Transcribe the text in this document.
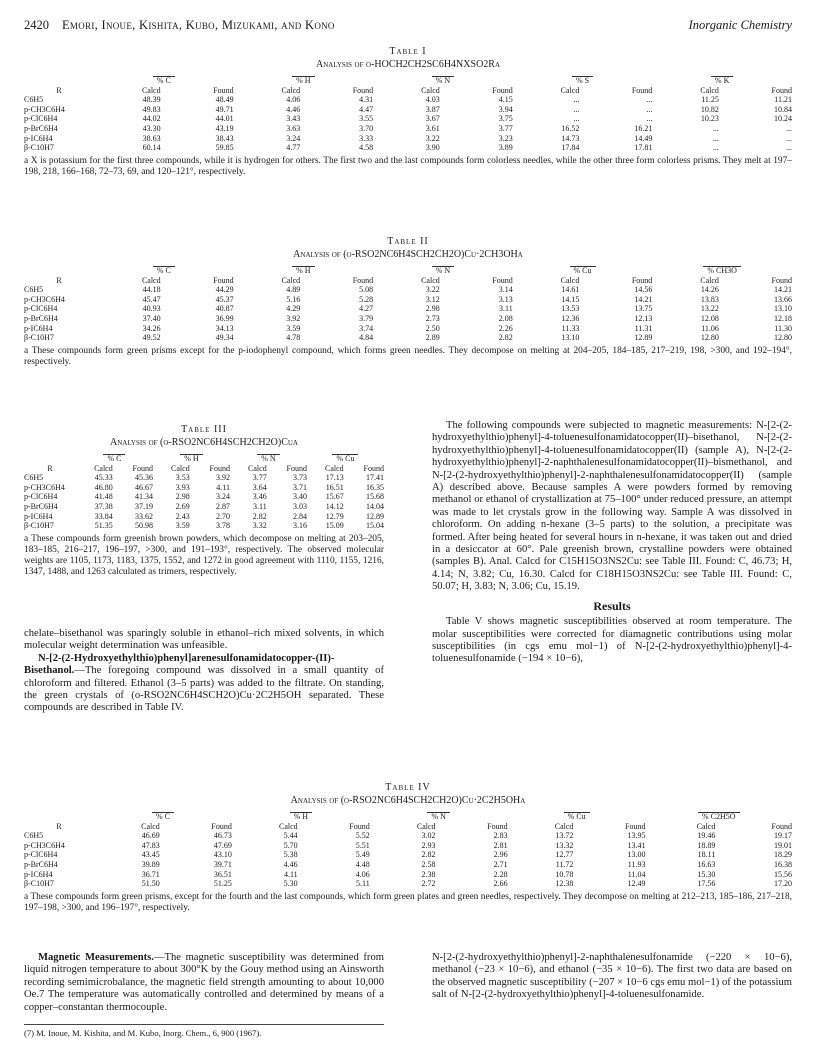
2420 Emori, Inoue, Kishita, Kubo, Mizukami, and Kono	Inorganic Chemistry
Table I
Analysis of o-HOCH2CH2SC6H4NXSO2Ra
	% C		% H		% N		% S		% K	
R	Calcd	Found	Calcd	Found	Calcd	Found	Calcd	Found	Calcd	Found
C6H5	48.39	48.49	4.06	4.31	4.03	4.15	...	...	11.25	11.21
p-CH3C6H4	49.83	49.71	4.46	4.47	3.87	3.94	...	...	10.82	10.84
p-ClC6H4	44.02	44.01	3.43	3.55	3.67	3.75	...	...	10.23	10.24
p-BrC6H4	43.30	43.19	3.63	3.70	3.61	3.77	16.52	16.21	...	...
p-IC6H4	38.63	38.43	3.24	3.33	3.22	3.23	14.73	14.49	...	...
β-C10H7	60.14	59.85	4.77	4.58	3.90	3.89	17.84	17.81	...	...
a X is potassium for the first three compounds, while it is hydrogen for others. The first two and the last compounds form colorless needles, while the other three form colorless prisms. They melt at 197–198, 218, 166–168, 72–73, 69, and 120–121°, respectively.
Table II
Analysis of (o-RSO2NC6H4SCH2CH2O)Cu·2CH3OHa
	% C		% H		% N		% Cu		% CH3O	
R	Calcd	Found	Calcd	Found	Calcd	Found	Calcd	Found	Calcd	Found
C6H5	44.18	44.29	4.89	5.08	3.22	3.14	14.61	14.56	14.26	14.21
p-CH3C6H4	45.47	45.37	5.16	5.28	3.12	3.13	14.15	14.21	13.83	13.66
p-ClC6H4	40.93	40.87	4.29	4.27	2.98	3.11	13.53	13.75	13.22	13.10
p-BrC6H4	37.40	36.99	3.92	3.79	2.73	2.08	12.36	12.13	12.08	12.18
p-IC6H4	34.26	34.13	3.59	3.74	2.50	2.26	11.33	11.31	11.06	11.30
β-C10H7	49.52	49.34	4.78	4.84	2.89	2.82	13.10	12.89	12.80	12.80
a These compounds form green prisms except for the p-iodophenyl compound, which forms green needles. They decompose on melting at 204–205, 184–185, 217–219, 198, >300, and 192–194°, respectively.
Table III
Analysis of (o-RSO2NC6H4SCH2CH2O)Cua
	% C		% H		% N		% Cu	
R	Calcd	Found	Calcd	Found	Calcd	Found	Calcd	Found
C6H5	45.33	45.36	3.53	3.92	3.77	3.73	17.13	17.41
p-CH3C6H4	46.80	46.67	3.93	4.11	3.64	3.71	16.51	16.35
p-ClC6H4	41.48	41.34	2.98	3.24	3.46	3.40	15.67	15.68
p-BrC6H4	37.38	37.19	2.69	2.87	3.11	3.03	14.12	14.04
p-IC6H4	33.84	33.62	2.43	2.70	2.82	2.84	12.79	12.89
β-C10H7	51.35	50.98	3.59	3.78	3.32	3.16	15.09	15.04
a These compounds form greenish brown powders, which decompose on melting at 203–205, 183–185, 216–217, 196–197, >300, and 191–193°, respectively. The observed molecular weights are 1105, 1173, 1183, 1375, 1552, and 1272 in good agreement with 1110, 1155, 1216, 1347, 1488, and 1263 calculated as trimers, respectively.

chelate–bisethanol was sparingly soluble in ethanol–rich mixed solvents, in which molecular weight determination was unfeasible.

N-[2-(2-Hydroxyethylthio)phenyl]arenesulfonamidatocopper-(II)-Bisethanol.—The foregoing compound was dissolved in a small quantity of chloroform and filtered. Ethanol (3–5 parts) was added to the filtrate. On standing, the green crystals of (o-RSO2NC6H4SCH2O)Cu·2C2H5OH separated. These compounds are described in Table IV.

The following compounds were subjected to magnetic measurements: N-[2-(2-hydroxyethylthio)phenyl]-4-toluenesulfonamidatocopper(II)–bisethanol, N-[2-(2-hydroxyethylthio)phenyl]-4-toluenesulfonamidatocopper(II) (sample A), N-[2-(2-hydroxyethylthio)phenyl]-2-naphthalenesulfonamidatocopper(II)–bismethanol, and N-[2-(2-hydroxyethylthio)phenyl]-2-naphthalenesulfonamidatocopper(II) (sample A) described above. Because samples A were powders formed by removing methanol or ethanol of crystallization at 75–100° under reduced pressure, an attempt was made to let crystals grow in the following way. Sample A was dissolved in chloroform. On adding n-hexane (3–5 parts) to the solution, a precipitate was formed. After being heated for several hours in n-hexane, it was taken out and dried in a desiccator at 60°. Pale greenish brown, crystalline powders were obtained (samples B). Anal. Calcd for C15H15O3NS2Cu: see Table III. Found: C, 46.73; H, 4.14; N, 3.82; Cu, 16.30. Calcd for C18H15O3NS2Cu: see Table III. Found: C, 50.07; H, 3.83; N, 3.06; Cu, 15.19.

Results

Table V shows magnetic susceptibilities observed at room temperature. The molar susceptibilities were corrected for diamagnetic contributions using molar susceptibilities (in cgs emu mol−1) of N-[2-(2-hydroxyethylthio)phenyl]-4-toluenesulfonamide (−194 × 10−6),

Table IV
Analysis of (o-RSO2NC6H4SCH2CH2O)Cu·2C2H5OHa
	% C		% H		% N		% Cu		% C2H5O	
R	Calcd	Found	Calcd	Found	Calcd	Found	Calcd	Found	Calcd	Found
C6H5	46.69	46.73	5.44	5.52	3.02	2.83	13.72	13.95	19.46	19.17
p-CH3C6H4	47.83	47.69	5.70	5.51	2.93	2.81	13.32	13.41	18.89	19.01
p-ClC6H4	43.45	43.10	5.38	5.49	2.82	2.96	12.77	13.00	18.11	18.29
p-BrC6H4	39.89	39.71	4.46	4.48	2.58	2.71	11.72	11.93	16.63	16.38
p-IC6H4	36.71	36.51	4.11	4.06	2.38	2.28	10.78	11.04	15.30	15.56
β-C10H7	51.50	51.25	5.30	5.11	2.72	2.66	12.38	12.49	17.56	17.20
a These compounds form green prisms, except for the fourth and the last compounds, which form green plates and green needles, respectively. They decompose on melting at 212–213, 185–186, 217–218, 197–198, >300, and 196–197°, respectively.

Magnetic Measurements.—The magnetic susceptibility was determined from liquid nitrogen temperature to about 300°K by the Gouy method using an Ainsworth recording semimicrobalance, the magnetic field strength amounting to about 10,000 Oe.7 The temperature was automatically controlled and determined by means of a copper–constantan thermocouple.

N-[2-(2-hydroxyethylthio)phenyl]-2-naphthalenesulfonamide (−220 × 10−6), methanol (−23 × 10−6), and ethanol (−35 × 10−6). The first two data are based on the observed magnetic susceptibility (−207 × 10−6 cgs emu mol−1) of the potassium salt of N-[2-(2-hydroxyethylthio)phenyl]-4-toluenesulfonamide.

(7) M. Inoue, M. Kishita, and M. Kubo, Inorg. Chem., 6, 900 (1967).
